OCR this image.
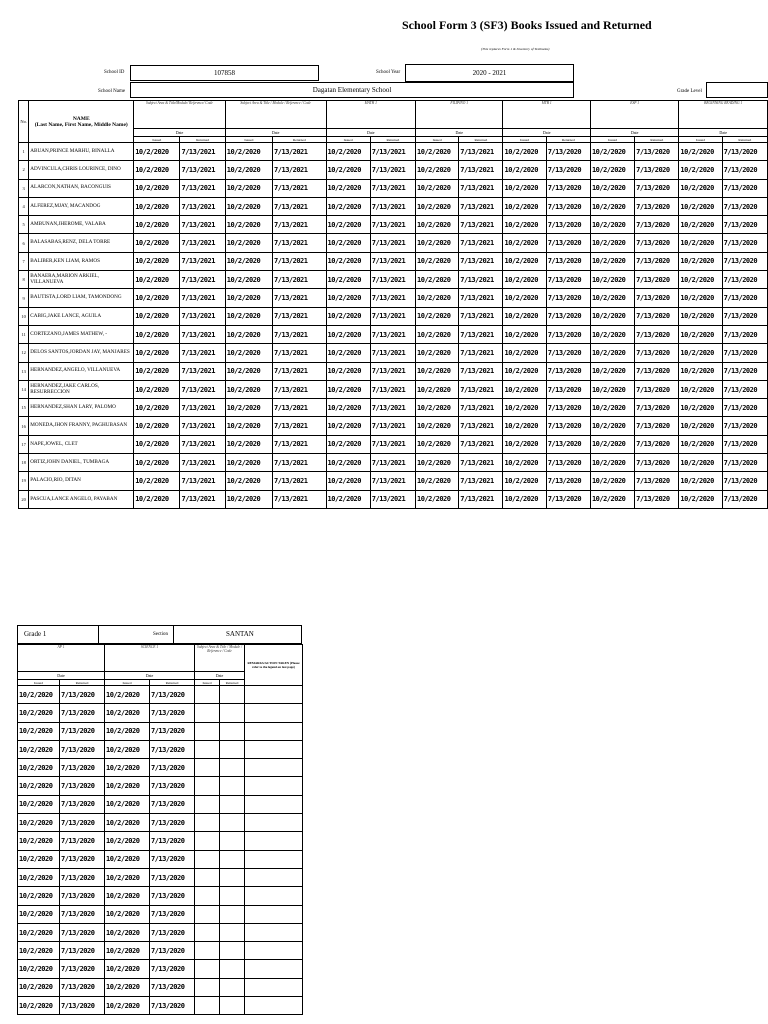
School Form 3 (SF3) Books Issued and Returned
(This replaces Form 1 & Inventory of Textbooks)
School ID	107858	School Year	2020 - 2021
School Name	Dagatan Elementary School	Grade Level
No.	NAME
(Last Name, First Name, Middle Name)	Subject Area & Title/Module/ Reference/ Code		Subject Area & Title / Module / Reference / Code		MATH 1		FILIPINO 1		MTB 1		ESP 1		BEGINNING READING 1	
		Date		Date		Date		Date		Date		Date		Date	
		Issued	Returned	Issued	Returned	Issued	Returned	Issued	Returned	Issued	Returned	Issued	Returned	Issued	Returned
1	ABUAN,PRINCE MARHU, BINALLA	10/2/2020	7/13/2021	10/2/2020	7/13/2021	10/2/2020	7/13/2021	10/2/2020	7/13/2021	10/2/2020	7/13/2020	10/2/2020	7/13/2020	10/2/2020	7/13/2020
2	ADVINCULA,CHRIS LOURINCE, DINO	10/2/2020	7/13/2021	10/2/2020	7/13/2021	10/2/2020	7/13/2021	10/2/2020	7/13/2021	10/2/2020	7/13/2020	10/2/2020	7/13/2020	10/2/2020	7/13/2020
3	ALARCON,NATHAN, BACONGUIS	10/2/2020	7/13/2021	10/2/2020	7/13/2021	10/2/2020	7/13/2021	10/2/2020	7/13/2021	10/2/2020	7/13/2020	10/2/2020	7/13/2020	10/2/2020	7/13/2020
4	ALFEREZ,MJAY, MACANDOG	10/2/2020	7/13/2021	10/2/2020	7/13/2021	10/2/2020	7/13/2021	10/2/2020	7/13/2021	10/2/2020	7/13/2020	10/2/2020	7/13/2020	10/2/2020	7/13/2020
5	AMBUNAN,JHEROME, VALABA	10/2/2020	7/13/2021	10/2/2020	7/13/2021	10/2/2020	7/13/2021	10/2/2020	7/13/2021	10/2/2020	7/13/2020	10/2/2020	7/13/2020	10/2/2020	7/13/2020
6	BALASABAS,RENZ, DELA TORRE	10/2/2020	7/13/2021	10/2/2020	7/13/2021	10/2/2020	7/13/2021	10/2/2020	7/13/2021	10/2/2020	7/13/2020	10/2/2020	7/13/2020	10/2/2020	7/13/2020
7	BALIBER,KEN LIAM, RAMOS	10/2/2020	7/13/2021	10/2/2020	7/13/2021	10/2/2020	7/13/2021	10/2/2020	7/13/2021	10/2/2020	7/13/2020	10/2/2020	7/13/2020	10/2/2020	7/13/2020
8	BANAERA,MARION ARKIEL, VILLANUEVA	10/2/2020	7/13/2021	10/2/2020	7/13/2021	10/2/2020	7/13/2021	10/2/2020	7/13/2021	10/2/2020	7/13/2020	10/2/2020	7/13/2020	10/2/2020	7/13/2020
9	BAUTISTA,LORD LIAM, TAMONDONG	10/2/2020	7/13/2021	10/2/2020	7/13/2021	10/2/2020	7/13/2021	10/2/2020	7/13/2021	10/2/2020	7/13/2020	10/2/2020	7/13/2020	10/2/2020	7/13/2020
10	CABIG,JAKE LANCE, AGUILA	10/2/2020	7/13/2021	10/2/2020	7/13/2021	10/2/2020	7/13/2021	10/2/2020	7/13/2021	10/2/2020	7/13/2020	10/2/2020	7/13/2020	10/2/2020	7/13/2020
11	CORTEZANO,JAMES MATHEW, -	10/2/2020	7/13/2021	10/2/2020	7/13/2021	10/2/2020	7/13/2021	10/2/2020	7/13/2021	10/2/2020	7/13/2020	10/2/2020	7/13/2020	10/2/2020	7/13/2020
12	DELOS SANTOS,JORDAN JAY, MANJARES	10/2/2020	7/13/2021	10/2/2020	7/13/2021	10/2/2020	7/13/2021	10/2/2020	7/13/2021	10/2/2020	7/13/2020	10/2/2020	7/13/2020	10/2/2020	7/13/2020
13	HERNANDEZ,ANGELO, VILLANUEVA	10/2/2020	7/13/2021	10/2/2020	7/13/2021	10/2/2020	7/13/2021	10/2/2020	7/13/2021	10/2/2020	7/13/2020	10/2/2020	7/13/2020	10/2/2020	7/13/2020
14	HERNANDEZ,JAKE CARLOS, RESURRECCION	10/2/2020	7/13/2021	10/2/2020	7/13/2021	10/2/2020	7/13/2021	10/2/2020	7/13/2021	10/2/2020	7/13/2020	10/2/2020	7/13/2020	10/2/2020	7/13/2020
15	HERNANDEZ,SHAN LARY, PALOMO	10/2/2020	7/13/2021	10/2/2020	7/13/2021	10/2/2020	7/13/2021	10/2/2020	7/13/2021	10/2/2020	7/13/2020	10/2/2020	7/13/2020	10/2/2020	7/13/2020
16	MONEDA,JHON FRANNY, PAGHUBASAN	10/2/2020	7/13/2021	10/2/2020	7/13/2021	10/2/2020	7/13/2021	10/2/2020	7/13/2021	10/2/2020	7/13/2020	10/2/2020	7/13/2020	10/2/2020	7/13/2020
17	NAPE,JOWEL, CLET	10/2/2020	7/13/2021	10/2/2020	7/13/2021	10/2/2020	7/13/2021	10/2/2020	7/13/2021	10/2/2020	7/13/2020	10/2/2020	7/13/2020	10/2/2020	7/13/2020
18	ORTIZ,JOHN DANIEL, TUMBAGA	10/2/2020	7/13/2021	10/2/2020	7/13/2021	10/2/2020	7/13/2021	10/2/2020	7/13/2021	10/2/2020	7/13/2020	10/2/2020	7/13/2020	10/2/2020	7/13/2020
19	PALACIO,RIO, DITAN	10/2/2020	7/13/2021	10/2/2020	7/13/2021	10/2/2020	7/13/2021	10/2/2020	7/13/2021	10/2/2020	7/13/2020	10/2/2020	7/13/2020	10/2/2020	7/13/2020
20	PASCUA,LANCE ANGELO, PAYABAN	10/2/2020	7/13/2021	10/2/2020	7/13/2021	10/2/2020	7/13/2021	10/2/2020	7/13/2021	10/2/2020	7/13/2020	10/2/2020	7/13/2020	10/2/2020	7/13/2020
Grade 1	Section	SANTAN
AP 1		SCIENCE 1		Subject Area & Title / Module / Reference / Code		REMARKS/ACTION TAKEN (Please refer to the legend on last page)
Date		Date		Date		
Issued	Returned	Issued	Returned	Issued	Returned	
10/2/2020	7/13/2020	10/2/2020	7/13/2020			
10/2/2020	7/13/2020	10/2/2020	7/13/2020			
10/2/2020	7/13/2020	10/2/2020	7/13/2020			
10/2/2020	7/13/2020	10/2/2020	7/13/2020			
10/2/2020	7/13/2020	10/2/2020	7/13/2020			
10/2/2020	7/13/2020	10/2/2020	7/13/2020			
10/2/2020	7/13/2020	10/2/2020	7/13/2020			
10/2/2020	7/13/2020	10/2/2020	7/13/2020			
10/2/2020	7/13/2020	10/2/2020	7/13/2020			
10/2/2020	7/13/2020	10/2/2020	7/13/2020			
10/2/2020	7/13/2020	10/2/2020	7/13/2020			
10/2/2020	7/13/2020	10/2/2020	7/13/2020			
10/2/2020	7/13/2020	10/2/2020	7/13/2020			
10/2/2020	7/13/2020	10/2/2020	7/13/2020			
10/2/2020	7/13/2020	10/2/2020	7/13/2020			
10/2/2020	7/13/2020	10/2/2020	7/13/2020			
10/2/2020	7/13/2020	10/2/2020	7/13/2020			
10/2/2020	7/13/2020	10/2/2020	7/13/2020			
